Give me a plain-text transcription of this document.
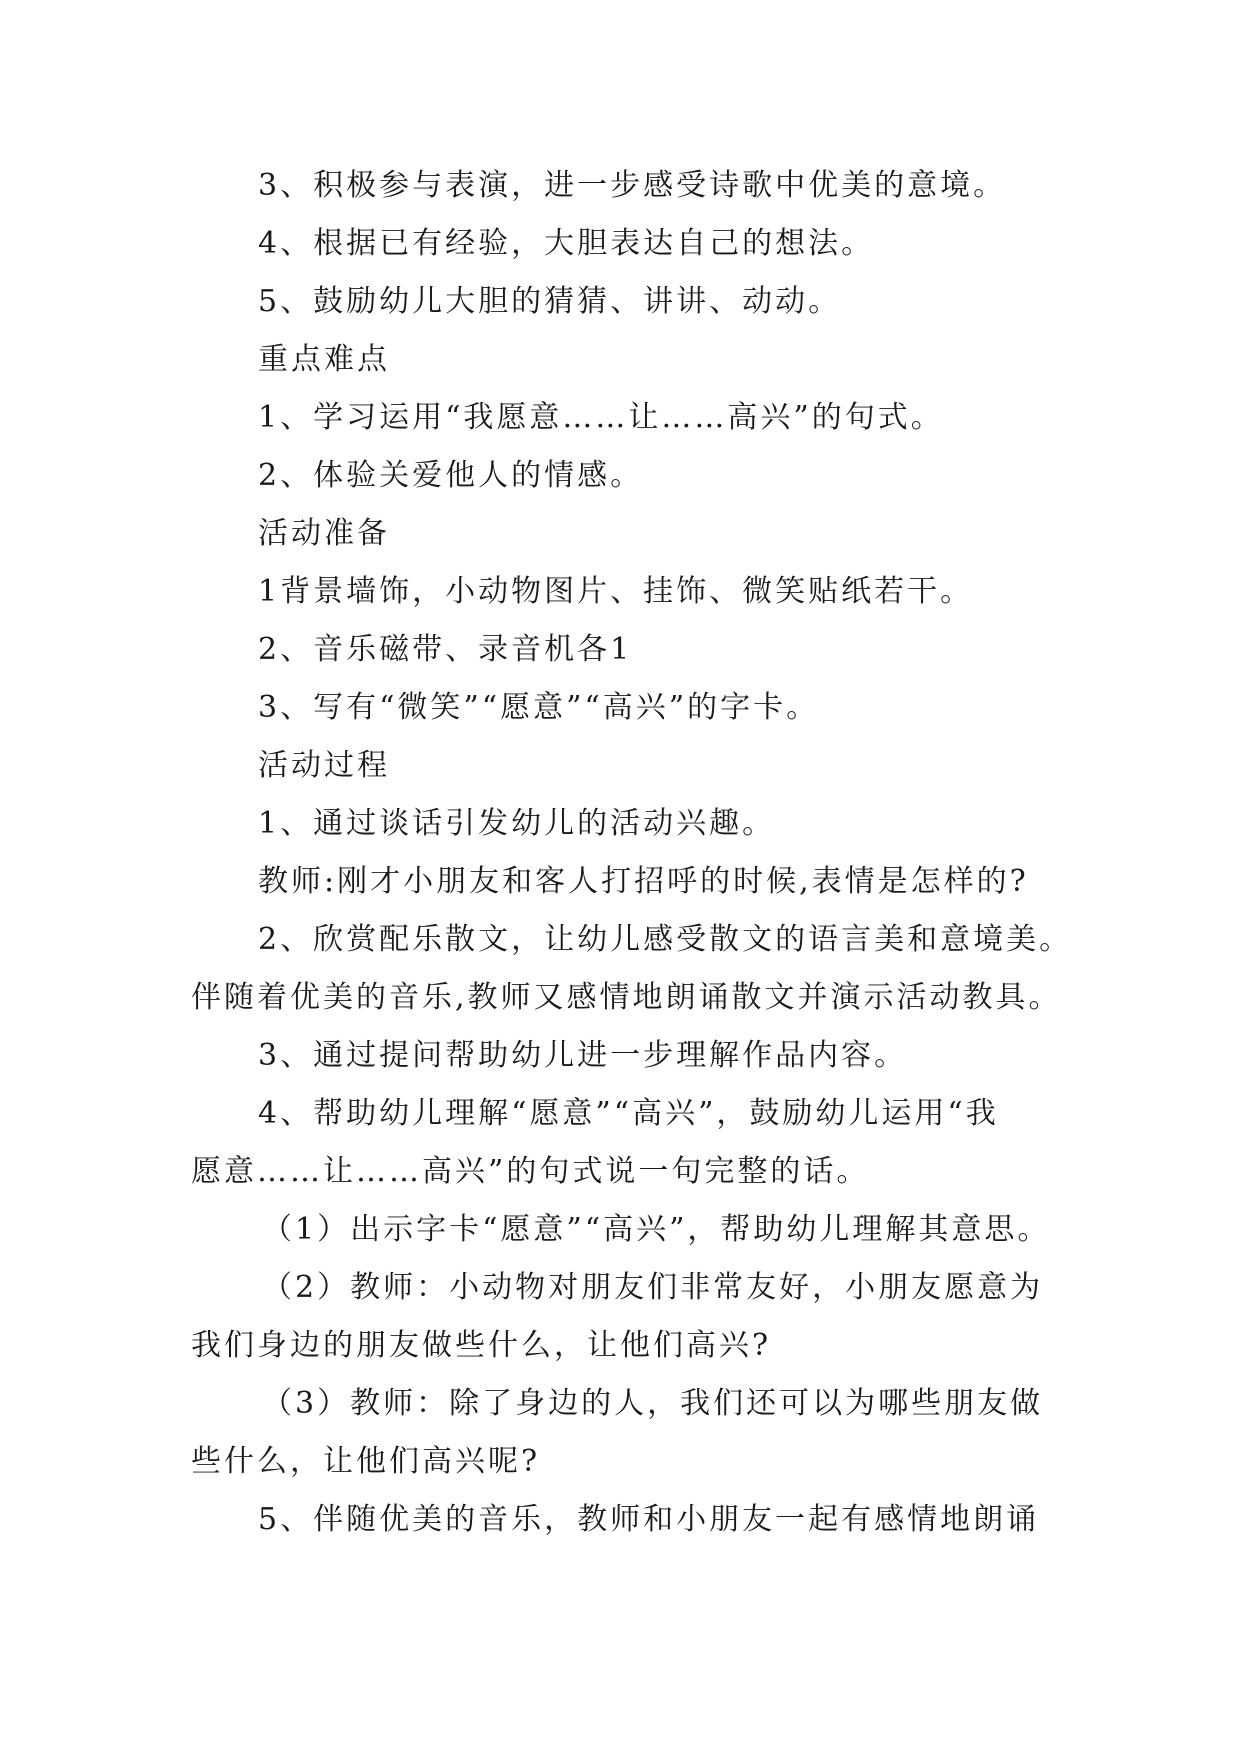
3、积极参与表演，进一步感受诗歌中优美的意境。
4、根据已有经验，大胆表达自己的想法。
5、鼓励幼儿大胆的猜猜、讲讲、动动。
重点难点
1、学习运用“我愿意……让……高兴”的句式。
2、体验关爱他人的情感。
活动准备
1背景墙饰，小动物图片、挂饰、微笑贴纸若干。
2、音乐磁带、录音机各1
3、写有“微笑”“愿意”“高兴”的字卡。
活动过程
1、通过谈话引发幼儿的活动兴趣。
教师:刚才小朋友和客人打招呼的时候,表情是怎样的?
2、欣赏配乐散文，让幼儿感受散文的语言美和意境美。
伴随着优美的音乐,教师又感情地朗诵散文并演示活动教具。
3、通过提问帮助幼儿进一步理解作品内容。
4、帮助幼儿理解“愿意”“高兴”，鼓励幼儿运用“我
愿意……让……高兴”的句式说一句完整的话。
（1）出示字卡“愿意”“高兴”，帮助幼儿理解其意思。
（2）教师：小动物对朋友们非常友好，小朋友愿意为
我们身边的朋友做些什么，让他们高兴?
（3）教师：除了身边的人，我们还可以为哪些朋友做
些什么，让他们高兴呢?
5、伴随优美的音乐，教师和小朋友一起有感情地朗诵
